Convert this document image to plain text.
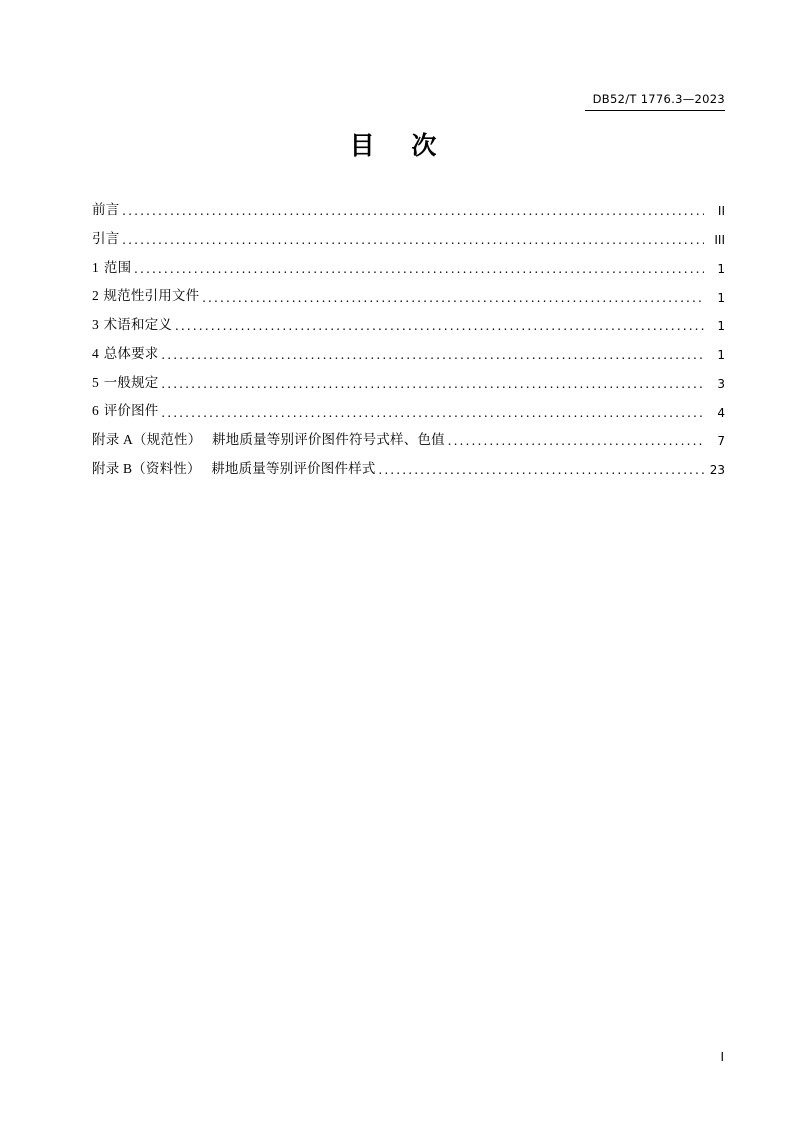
DB52/T 1776.3—2023
目 次
前言 .....	II
引言 .....	III
1 范围 .....	1
2 规范性引用文件 .....	1
3 术语和定义 .....	1
4 总体要求 .....	1
5 一般规定 .....	3
6 评价图件 .....	4
附录 A（规范性）　 耕地质量等别评价图件符号式样、色值 .....	7
附录 B（资料性）　 耕地质量等别评价图件样式 .....	23
I
